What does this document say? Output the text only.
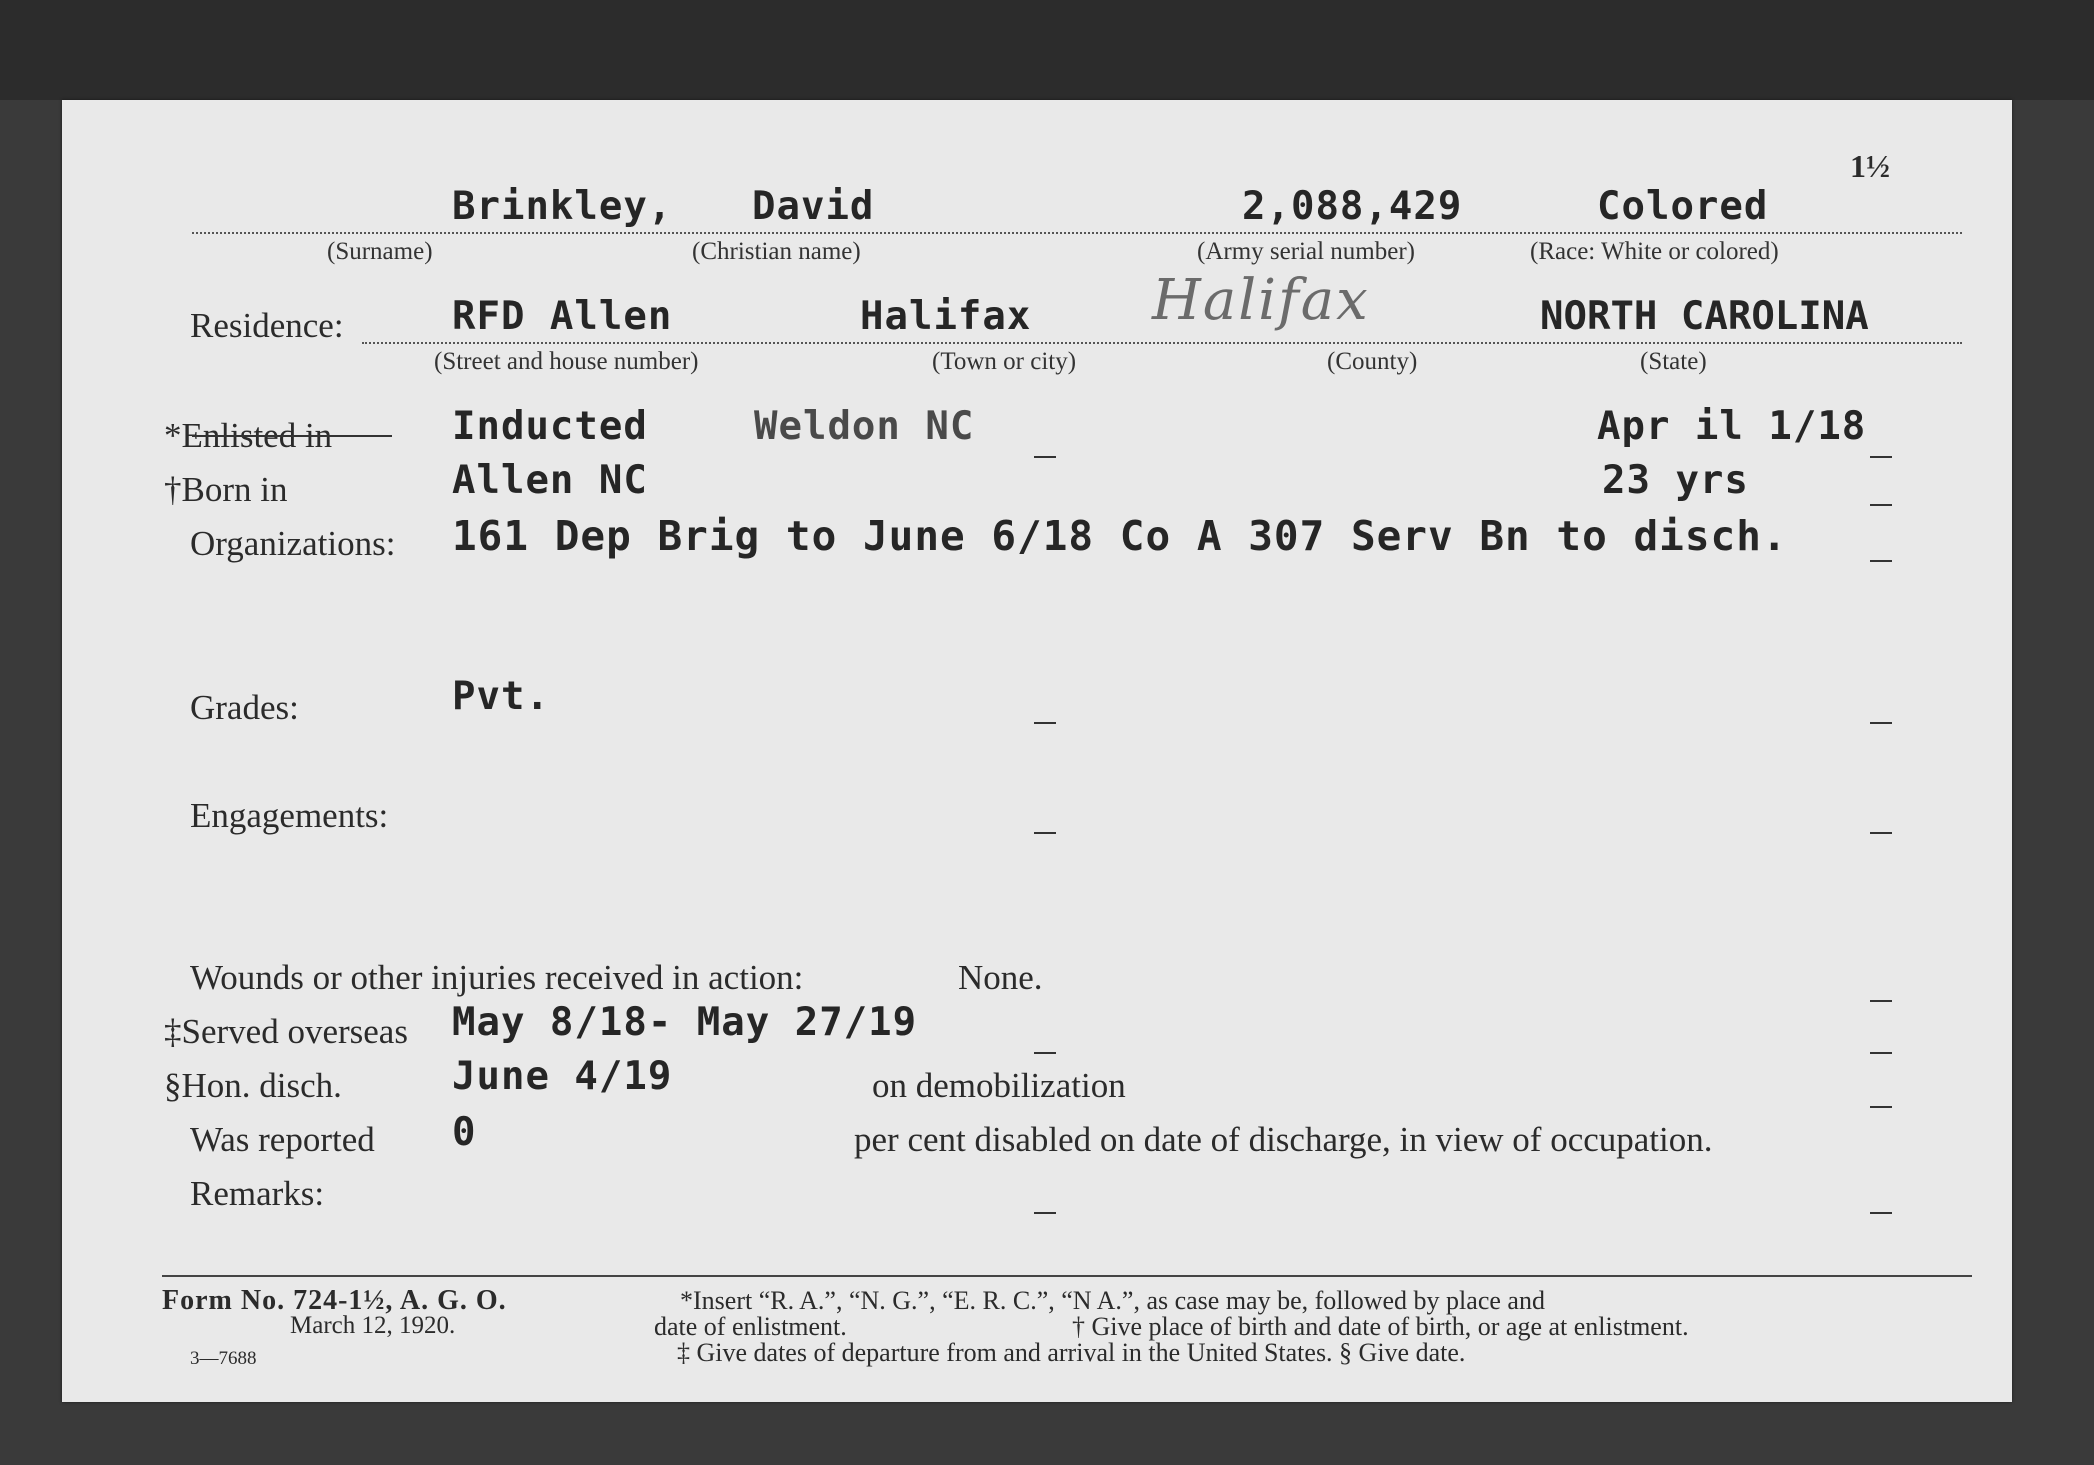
1½
Brinkley, David	2,088,429	Colored
(Surname)	(Christian name)	(Army serial number)	(Race: White or colored)
Residence:	RFD Allen	Halifax Halifax	NORTH CAROLINA
(Street and house number)	(Town or city)	(County)	(State)
*Enlisted in	Inducted	Weldon NC	Apr il 1/18
†Born in	Allen NC	23 yrs
Organizations: 161 Dep Brig to June 6/18 Co A 307 Serv Bn to disch.
Grades:	Pvt.
Engagements:
Wounds or other injuries received in action:	None.
‡Served overseas May 8/18- May 27/19
§Hon. disch.	June 4/19	on demobilization
Was reported 0	per cent disabled on date of discharge, in view of occupation.
Remarks:
Form No. 724-1½, A. G. O.
March 12, 1920.
3—7688
*Insert “R. A.”, “N. G.”, “E. R. C.”, “N A.”, as case may be, followed by place and
date of enlistment.	† Give place of birth and date of birth, or age at enlistment.
‡ Give dates of departure from and arrival in the United States. § Give date.
